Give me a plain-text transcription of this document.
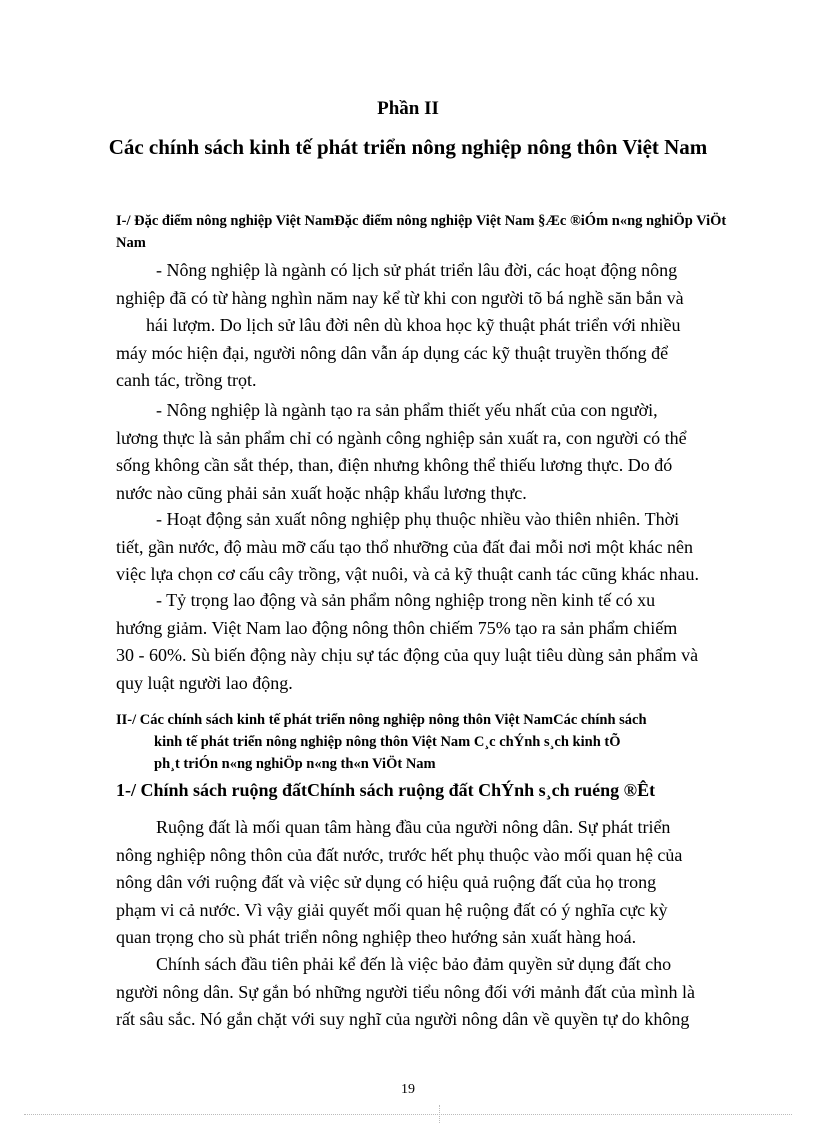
Phần II
Các chính sách kinh tế phát triển nông nghiệp nông thôn Việt Nam
I-/ Đặc điểm nông nghiệp Việt NamĐặc điểm nông nghiệp Việt Nam §Æc ®iÓm n«ng nghiÖp ViÖt Nam
- Nông nghiệp là ngành có lịch sử phát triển lâu đời, các hoạt động nông
nghiệp đã có từ hàng nghìn năm nay kể từ khi con người tõ bá nghề săn bắn và
hái lượm. Do lịch sử lâu đời nên dù khoa học kỹ thuật phát triển với nhiều
máy móc hiện đại, người nông dân vẫn áp dụng các kỹ thuật truyền thống để
canh tác, trồng trọt.
- Nông nghiệp là ngành tạo ra sản phẩm thiết yếu nhất của con người,
lương thực là sản phẩm chỉ có ngành công nghiệp sản xuất ra, con người có thể
sống không cần sắt thép, than, điện nhưng không thể thiếu lương thực. Do đó
nước nào cũng phải sản xuất hoặc nhập khẩu lương thực.
- Hoạt động sản xuất nông nghiệp phụ thuộc nhiều vào thiên nhiên. Thời
tiết, gần nước, độ màu mỡ cấu tạo thổ nhưỡng của đất đai mỗi nơi một khác nên
việc lựa chọn cơ cấu cây trồng, vật nuôi, và cả kỹ thuật canh tác cũng khác nhau.
- Tỷ trọng lao động và sản phẩm nông nghiệp trong nền kinh tế có xu
hướng giảm. Việt Nam lao động nông thôn chiếm 75% tạo ra sản phẩm chiếm
30 - 60%. Sù biến động này chịu sự tác động của quy luật tiêu dùng sản phẩm và
quy luật người lao động.
II-/ Các chính sách kinh tế phát triển nông nghiệp nông thôn Việt NamCác chính sách
kinh tế phát triển nông nghiệp nông thôn Việt Nam C¸c chÝnh s¸ch kinh tÕ
ph¸t triÓn n«ng nghiÖp n«ng th«n ViÖt Nam
1-/ Chính sách ruộng đấtChính sách ruộng đất ChÝnh s¸ch ruéng ®Êt
Ruộng đất là mối quan tâm hàng đầu của người nông dân. Sự phát triển
nông nghiệp nông thôn của đất nước, trước hết phụ thuộc vào mối quan hệ của
nông dân với ruộng đất và việc sử dụng có hiệu quả ruộng đất của họ trong
phạm vi cả nước. Vì vậy giải quyết mối quan hệ ruộng đất có ý nghĩa cực kỳ
quan trọng cho sù phát triển nông nghiệp theo hướng sản xuất hàng hoá.
Chính sách đầu tiên phải kể đến là việc bảo đảm quyền sử dụng đất cho
người nông dân. Sự gắn bó những người tiểu nông đối với mảnh đất của mình là
rất sâu sắc. Nó gắn chặt với suy nghĩ của người nông dân về quyền tự do không
19
